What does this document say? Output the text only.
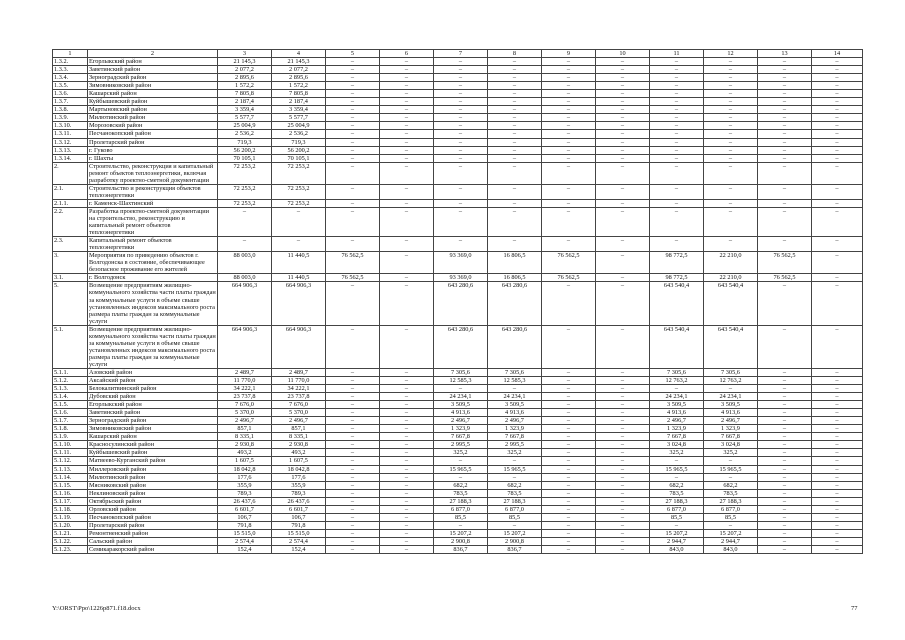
1	2	3	4	5	6	7	8	9	10	11	12	13	14
1.3.2.	Егорлыкский район	21 145,3	21 145,3	–	–	–	–	–	–	–	–	–	–
1.3.3.	Заветинский район	2 077,2	2 077,2	–	–	–	–	–	–	–	–	–	–
1.3.4.	Зерноградский район	2 895,6	2 895,6	–	–	–	–	–	–	–	–	–	–
1.3.5.	Зимовниковский район	1 572,2	1 572,2	–	–	–	–	–	–	–	–	–	–
1.3.6.	Кашарский район	7 805,8	7 805,8	–	–	–	–	–	–	–	–	–	–
1.3.7.	Куйбышевский район	2 187,4	2 187,4	–	–	–	–	–	–	–	–	–	–
1.3.8.	Мартыновский район	3 359,4	3 359,4	–	–	–	–	–	–	–	–	–	–
1.3.9.	Милютинский район	5 577,7	5 577,7	–	–	–	–	–	–	–	–	–	–
1.3.10.	Морозовский район	25 004,9	25 004,9	–	–	–	–	–	–	–	–	–	–
1.3.11.	Песчанокопский район	2 536,2	2 536,2	–	–	–	–	–	–	–	–	–	–
1.3.12.	Пролетарский район	719,3	719,3	–	–	–	–	–	–	–	–	–	–
1.3.13.	г. Гуково	56 200,2	56 200,2	–	–	–	–	–	–	–	–	–	–
1.3.14.	г. Шахты	70 105,1	70 105,1	–	–	–	–	–	–	–	–	–	–
2.	Строительство, реконструкция и капитальный ремонт объектов теплоэнергетики, включая разработку проектно-сметной документации	72 253,2	72 253,2	–	–	–	–	–	–	–	–	–	–
2.1.	Строительство и реконструкция объектов теплоэнергетики	72 253,2	72 253,2	–	–	–	–	–	–	–	–	–	–
2.1.1.	г. Каменск-Шахтинский	72 253,2	72 253,2	–	–	–	–	–	–	–	–	–	–
2.2.	Разработка проектно-сметной документации на строительство, реконструкцию и капитальный ремонт объектов теплоэнергетики	–	–	–	–	–	–	–	–	–	–	–	–
2.3.	Капитальный ремонт объектов теплоэнергетики	–	–	–	–	–	–	–	–	–	–	–	–
3.	Мероприятия по приведению объектов г. Волгодонска в состояние, обеспечивающее безопасное проживание его жителей	88 003,0	11 440,5	76 562,5	–	93 369,0	16 806,5	76 562,5	–	98 772,5	22 210,0	76 562,5	–
3.1.	г. Волгодонск	88 003,0	11 440,5	76 562,5	–	93 369,0	16 806,5	76 562,5	–	98 772,5	22 210,0	76 562,5	–
5.	Возмещение предприятиям жилищно-коммунального хозяйства части платы граждан за коммунальные услуги в объеме свыше установленных индексов максимального роста размера платы граждан за коммунальные услуги	664 906,3	664 906,3	–	–	643 280,6	643 280,6	–	–	643 540,4	643 540,4	–	–
5.1.	Возмещение предприятиям жилищно-коммунального хозяйства части платы граждан за коммунальные услуги в объеме свыше установленных индексов максимального роста размера платы граждан за коммунальные услуги	664 906,3	664 906,3	–	–	643 280,6	643 280,6	–	–	643 540,4	643 540,4	–	–
5.1.1.	Азовский район	2 489,7	2 489,7	–	–	7 305,6	7 305,6	–	–	7 305,6	7 305,6	–	–
5.1.2.	Аксайский район	11 770,0	11 770,0	–	–	12 585,3	12 585,3	–	–	12 763,2	12 763,2	–	–
5.1.3.	Белокалитвинский район	34 222,1	34 222,1	–	–	–	–	–	–	–	–	–	–
5.1.4.	Дубовский район	23 737,8	23 737,8	–	–	24 234,1	24 234,1	–	–	24 234,1	24 234,1	–	–
5.1.5.	Егорлыкский район	7 676,0	7 676,0	–	–	3 509,5	3 509,5	–	–	3 509,5	3 509,5	–	–
5.1.6.	Заветинский район	5 370,0	5 370,0	–	–	4 913,6	4 913,6	–	–	4 913,6	4 913,6	–	–
5.1.7.	Зерноградский район	2 496,7	2 496,7	–	–	2 496,7	2 496,7	–	–	2 496,7	2 496,7	–	–
5.1.8.	Зимовниковский район	857,1	857,1	–	–	1 323,9	1 323,9	–	–	1 323,9	1 323,9	–	–
5.1.9.	Кашарский район	8 335,1	8 335,1	–	–	7 667,8	7 667,8	–	–	7 667,8	7 667,8	–	–
5.1.10.	Красносулинский район	2 930,8	2 930,8	–	–	2 995,5	2 995,5	–	–	3 024,8	3 024,8	–	–
5.1.11.	Куйбышевский район	493,2	493,2	–	–	325,2	325,2	–	–	325,2	325,2	–	–
5.1.12.	Матвеево-Курганский район	1 607,5	1 607,5	–	–	–	–	–	–	–	–	–	–
5.1.13.	Миллеровский район	18 042,8	18 042,8	–	–	15 965,5	15 965,5	–	–	15 965,5	15 965,5	–	–
5.1.14.	Милютинский район	177,6	177,6	–	–	–	–	–	–	–	–	–	–
5.1.15.	Мясниковский район	355,9	355,9	–	–	682,2	682,2	–	–	682,2	682,2	–	–
5.1.16.	Неклиновский район	789,3	789,3	–	–	783,5	783,5	–	–	783,5	783,5	–	–
5.1.17.	Октябрьский район	26 437,6	26 437,6	–	–	27 188,3	27 188,3	–	–	27 188,3	27 188,3	–	–
5.1.18.	Орловский район	6 601,7	6 601,7	–	–	6 877,0	6 877,0	–	–	6 877,0	6 877,0	–	–
5.1.19.	Песчанокопский район	106,7	106,7	–	–	85,5	85,5	–	–	85,5	85,5	–	–
5.1.20.	Пролетарский район	791,8	791,8	–	–	–	–	–	–	–	–	–	–
5.1.21.	Ремонтненский район	15 515,0	15 515,0	–	–	15 207,2	15 207,2	–	–	15 207,2	15 207,2	–	–
5.1.22.	Сальский район	2 574,4	2 574,4	–	–	2 900,8	2 900,8	–	–	2 944,7	2 944,7	–	–
5.1.23.	Семикаракорский район	152,4	152,4	–	–	836,7	836,7	–	–	843,0	843,0	–	–
Y:\ORST\Ppo\1226p871.f18.docx	77
